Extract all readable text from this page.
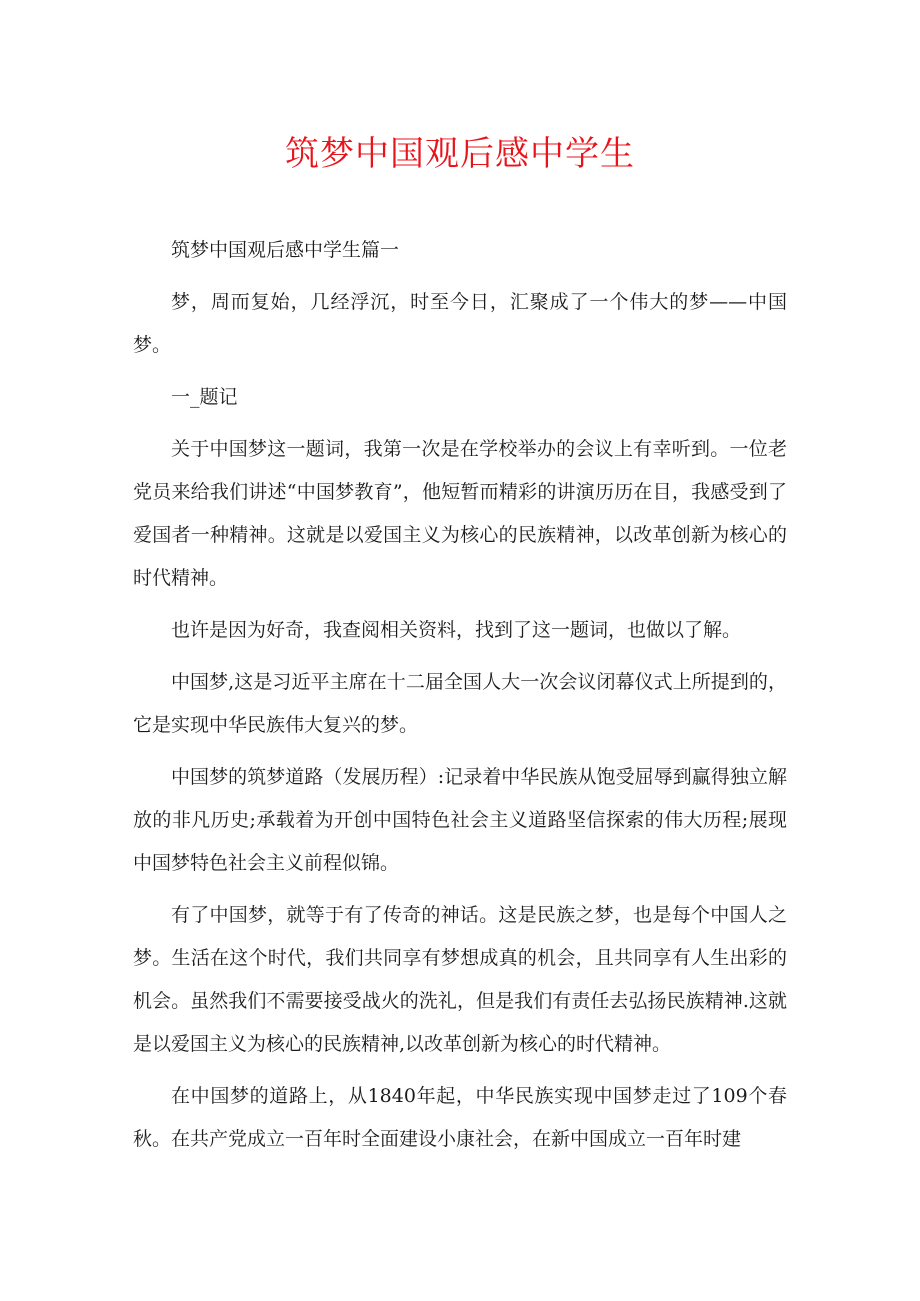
筑梦中国观后感中学生

筑梦中国观后感中学生篇一

梦，周而复始，几经浮沉，时至今日，汇聚成了一个伟大的梦——中国梦。

一_题记

关于中国梦这一题词，我第一次是在学校举办的会议上有幸听到。一位老党员来给我们讲述“中国梦教育”，他短暂而精彩的讲演历历在目，我感受到了爱国者一种精神。这就是以爱国主义为核心的民族精神，以改革创新为核心的时代精神。

也许是因为好奇，我查阅相关资料，找到了这一题词，也做以了解。

中国梦,这是习近平主席在十二届全国人大一次会议闭幕仪式上所提到的，它是实现中华民族伟大复兴的梦。

中国梦的筑梦道路（发展历程）:记录着中华民族从饱受屈辱到赢得独立解放的非凡历史;承载着为开创中国特色社会主义道路坚信探索的伟大历程;展现中国梦特色社会主义前程似锦。

有了中国梦，就等于有了传奇的神话。这是民族之梦，也是每个中国人之梦。生活在这个时代，我们共同享有梦想成真的机会，且共同享有人生出彩的机会。虽然我们不需要接受战火的洗礼，但是我们有责任去弘扬民族精神.这就是以爱国主义为核心的民族精神,以改革创新为核心的时代精神。

在中国梦的道路上，从1840年起，中华民族实现中国梦走过了109个春秋。在共产党成立一百年时全面建设小康社会，在新中国成立一百年时建
